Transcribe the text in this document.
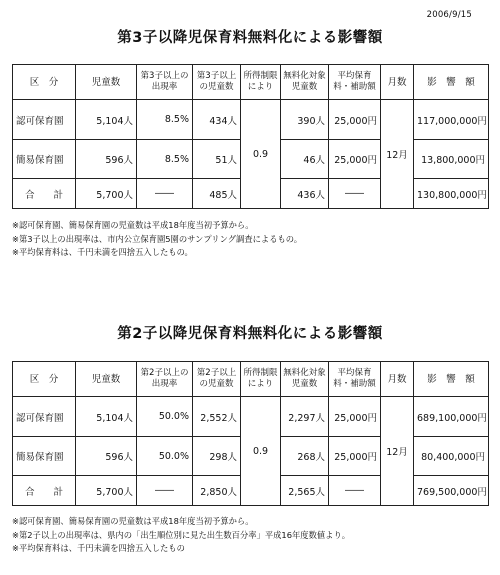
2006/9/15
第3子以降児保育料無料化による影響額
区　分	児童数	第3子以上の出現率	第3子以上の児童数	所得制限により	無料化対象児童数	平均保育料・補助額	月数	影　響　額
認可保育園	5,104人	8.5%	434人	0.9	390人	25,000円	12月	117,000,000円
簡易保育園	596人	8.5%	51人		46人	25,000円		13,800,000円
合　　計	5,700人	――	485人		436人	――		130,800,000円
※認可保育園、簡易保育園の児童数は平成18年度当初予算から。
※第3子以上の出現率は、市内公立保育園5園のサンプリング調査によるもの。
※平均保育料は、千円未満を四捨五入したもの。
第2子以降児保育料無料化による影響額
区　分	児童数	第2子以上の出現率	第2子以上の児童数	所得制限により	無料化対象児童数	平均保育料・補助額	月数	影　響　額
認可保育園	5,104人	50.0%	2,552人	0.9	2,297人	25,000円	12月	689,100,000円
簡易保育園	596人	50.0%	298人		268人	25,000円		80,400,000円
合　　計	5,700人	――	2,850人		2,565人	――		769,500,000円
※認可保育園、簡易保育園の児童数は平成18年度当初予算から。
※第2子以上の出現率は、県内の「出生順位別に見た出生数百分率」平成16年度数値より。
※平均保育料は、千円未満を四捨五入したもの
